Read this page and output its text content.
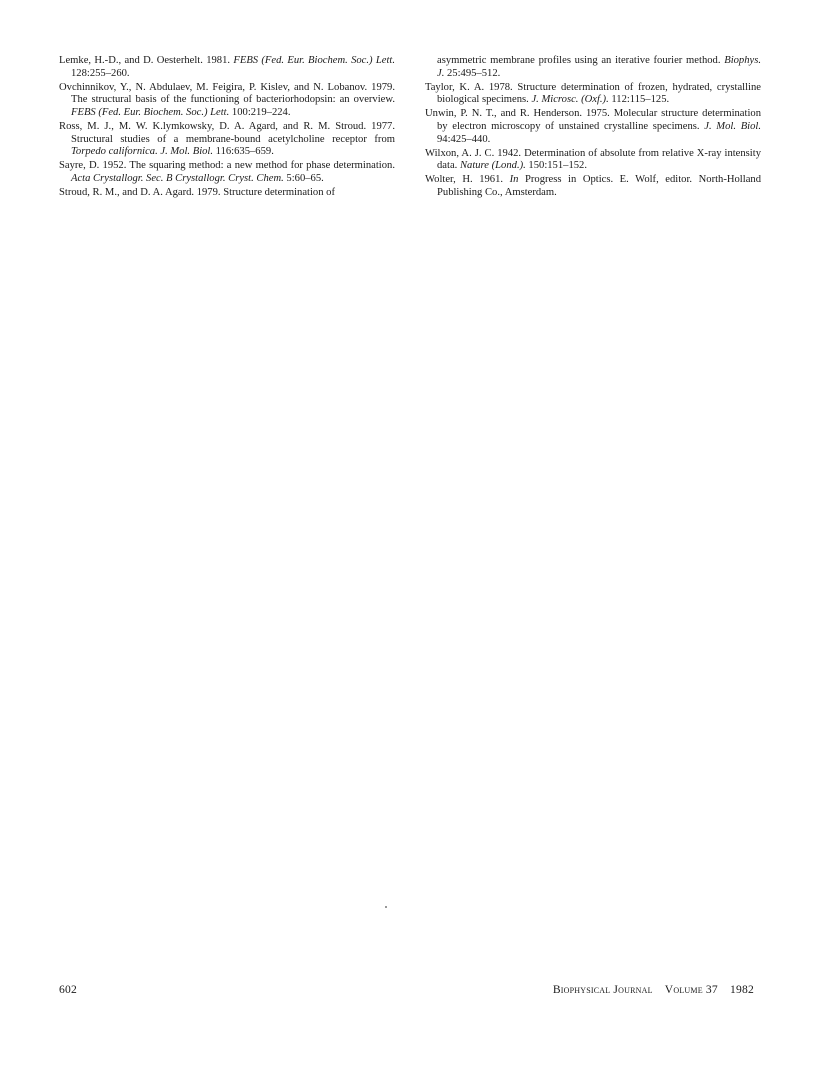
Lemke, H.-D., and D. Oesterhelt. 1981. FEBS (Fed. Eur. Biochem. Soc.) Lett. 128:255–260.

Ovchinnikov, Y., N. Abdulaev, M. Feigira, P. Kislev, and N. Lobanov. 1979. The structural basis of the functioning of bacteriorhodopsin: an overview. FEBS (Fed. Eur. Biochem. Soc.) Lett. 100:219–224.

Ross, M. J., M. W. K.lymkowsky, D. A. Agard, and R. M. Stroud. 1977. Structural studies of a membrane-bound acetylcholine receptor from Torpedo californica. J. Mol. Biol. 116:635–659.

Sayre, D. 1952. The squaring method: a new method for phase determination. Acta Crystallogr. Sec. B Crystallogr. Cryst. Chem. 5:60–65.

Stroud, R. M., and D. A. Agard. 1979. Structure determination of

asymmetric membrane profiles using an iterative fourier method. Biophys. J. 25:495–512.

Taylor, K. A. 1978. Structure determination of frozen, hydrated, crystalline biological specimens. J. Microsc. (Oxf.). 112:115–125.

Unwin, P. N. T., and R. Henderson. 1975. Molecular structure determination by electron microscopy of unstained crystalline specimens. J. Mol. Biol. 94:425–440.

Wilxon, A. J. C. 1942. Determination of absolute from relative X-ray intensity data. Nature (Lond.). 150:151–152.

Wolter, H. 1961. In Progress in Optics. E. Wolf, editor. North-Holland Publishing Co., Amsterdam.

602	Biophysical Journal Volume 37 1982
